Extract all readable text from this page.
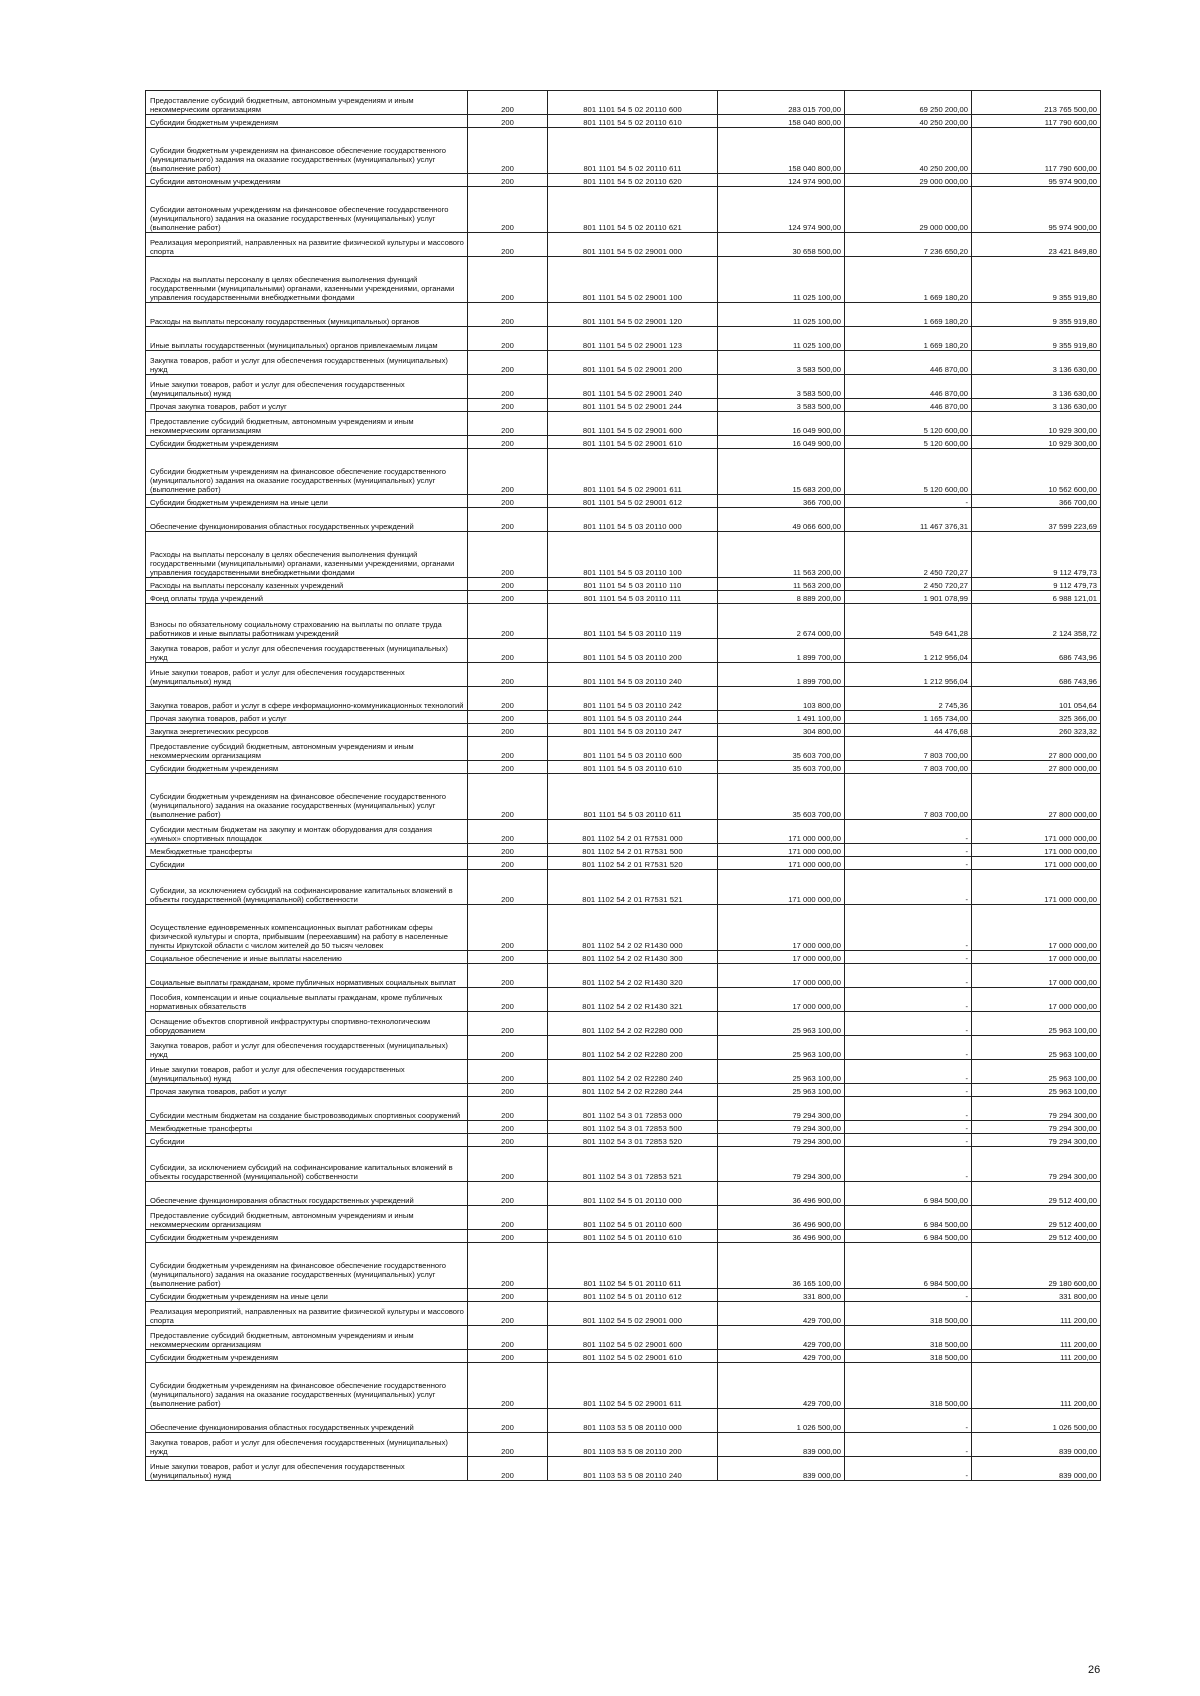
Предоставление субсидий бюджетным, автономным учреждениям и иным некоммерческим организациям	200	801 1101 54 5 02 20110 600	283 015 700,00	69 250 200,00	213 765 500,00
Субсидии бюджетным учреждениям	200	801 1101 54 5 02 20110 610	158 040 800,00	40 250 200,00	117 790 600,00
Субсидии бюджетным учреждениям на финансовое обеспечение государственного (муниципального) задания на оказание государственных (муниципальных) услуг (выполнение работ)	200	801 1101 54 5 02 20110 611	158 040 800,00	40 250 200,00	117 790 600,00
Субсидии автономным учреждениям	200	801 1101 54 5 02 20110 620	124 974 900,00	29 000 000,00	95 974 900,00
Субсидии автономным учреждениям на финансовое обеспечение государственного (муниципального) задания на оказание государственных (муниципальных) услуг (выполнение работ)	200	801 1101 54 5 02 20110 621	124 974 900,00	29 000 000,00	95 974 900,00
Реализация мероприятий, направленных на развитие физической культуры и массового спорта	200	801 1101 54 5 02 29001 000	30 658 500,00	7 236 650,20	23 421 849,80
Расходы на выплаты персоналу в целях обеспечения выполнения функций государственными (муниципальными) органами, казенными учреждениями, органами управления государственными внебюджетными фондами	200	801 1101 54 5 02 29001 100	11 025 100,00	1 669 180,20	9 355 919,80
Расходы на выплаты персоналу государственных (муниципальных) органов	200	801 1101 54 5 02 29001 120	11 025 100,00	1 669 180,20	9 355 919,80
Иные выплаты государственных (муниципальных) органов привлекаемым лицам	200	801 1101 54 5 02 29001 123	11 025 100,00	1 669 180,20	9 355 919,80
Закупка товаров, работ и услуг для обеспечения государственных (муниципальных) нужд	200	801 1101 54 5 02 29001 200	3 583 500,00	446 870,00	3 136 630,00
Иные закупки товаров, работ и услуг для обеспечения государственных (муниципальных) нужд	200	801 1101 54 5 02 29001 240	3 583 500,00	446 870,00	3 136 630,00
Прочая закупка товаров, работ и услуг	200	801 1101 54 5 02 29001 244	3 583 500,00	446 870,00	3 136 630,00
Предоставление субсидий бюджетным, автономным учреждениям и иным некоммерческим организациям	200	801 1101 54 5 02 29001 600	16 049 900,00	5 120 600,00	10 929 300,00
Субсидии бюджетным учреждениям	200	801 1101 54 5 02 29001 610	16 049 900,00	5 120 600,00	10 929 300,00
Субсидии бюджетным учреждениям на финансовое обеспечение государственного (муниципального) задания на оказание государственных (муниципальных) услуг (выполнение работ)	200	801 1101 54 5 02 29001 611	15 683 200,00	5 120 600,00	10 562 600,00
Субсидии бюджетным учреждениям на иные цели	200	801 1101 54 5 02 29001 612	366 700,00	-	366 700,00
Обеспечение функционирования областных государственных учреждений	200	801 1101 54 5 03 20110 000	49 066 600,00	11 467 376,31	37 599 223,69
Расходы на выплаты персоналу в целях обеспечения выполнения функций государственными (муниципальными) органами, казенными учреждениями, органами управления государственными внебюджетными фондами	200	801 1101 54 5 03 20110 100	11 563 200,00	2 450 720,27	9 112 479,73
Расходы на выплаты персоналу казенных учреждений	200	801 1101 54 5 03 20110 110	11 563 200,00	2 450 720,27	9 112 479,73
Фонд оплаты труда учреждений	200	801 1101 54 5 03 20110 111	8 889 200,00	1 901 078,99	6 988 121,01
Взносы по обязательному социальному страхованию на выплаты по оплате труда работников и иные выплаты работникам учреждений	200	801 1101 54 5 03 20110 119	2 674 000,00	549 641,28	2 124 358,72
Закупка товаров, работ и услуг для обеспечения государственных (муниципальных) нужд	200	801 1101 54 5 03 20110 200	1 899 700,00	1 212 956,04	686 743,96
Иные закупки товаров, работ и услуг для обеспечения государственных (муниципальных) нужд	200	801 1101 54 5 03 20110 240	1 899 700,00	1 212 956,04	686 743,96
Закупка товаров, работ и услуг в сфере информационно-коммуникационных технологий	200	801 1101 54 5 03 20110 242	103 800,00	2 745,36	101 054,64
Прочая закупка товаров, работ и услуг	200	801 1101 54 5 03 20110 244	1 491 100,00	1 165 734,00	325 366,00
Закупка энергетических ресурсов	200	801 1101 54 5 03 20110 247	304 800,00	44 476,68	260 323,32
Предоставление субсидий бюджетным, автономным учреждениям и иным некоммерческим организациям	200	801 1101 54 5 03 20110 600	35 603 700,00	7 803 700,00	27 800 000,00
Субсидии бюджетным учреждениям	200	801 1101 54 5 03 20110 610	35 603 700,00	7 803 700,00	27 800 000,00
Субсидии бюджетным учреждениям на финансовое обеспечение государственного (муниципального) задания на оказание государственных (муниципальных) услуг (выполнение работ)	200	801 1101 54 5 03 20110 611	35 603 700,00	7 803 700,00	27 800 000,00
Субсидии местным бюджетам на закупку и монтаж оборудования для создания «умных» спортивных площадок	200	801 1102 54 2 01 R7531 000	171 000 000,00	-	171 000 000,00
Межбюджетные трансферты	200	801 1102 54 2 01 R7531 500	171 000 000,00	-	171 000 000,00
Субсидии	200	801 1102 54 2 01 R7531 520	171 000 000,00	-	171 000 000,00
Субсидии, за исключением субсидий на софинансирование капитальных вложений в объекты государственной (муниципальной) собственности	200	801 1102 54 2 01 R7531 521	171 000 000,00	-	171 000 000,00
Осуществление единовременных компенсационных выплат работникам сферы физической культуры и спорта, прибывшим (переехавшим) на работу в населенные пункты Иркутской области с числом жителей до 50 тысяч человек	200	801 1102 54 2 02 R1430 000	17 000 000,00	-	17 000 000,00
Социальное обеспечение и иные выплаты населению	200	801 1102 54 2 02 R1430 300	17 000 000,00	-	17 000 000,00
Социальные выплаты гражданам, кроме публичных нормативных социальных выплат	200	801 1102 54 2 02 R1430 320	17 000 000,00	-	17 000 000,00
Пособия, компенсации и иные социальные выплаты гражданам, кроме публичных нормативных обязательств	200	801 1102 54 2 02 R1430 321	17 000 000,00	-	17 000 000,00
Оснащение объектов спортивной инфраструктуры спортивно-технологическим оборудованием	200	801 1102 54 2 02 R2280 000	25 963 100,00	-	25 963 100,00
Закупка товаров, работ и услуг для обеспечения государственных (муниципальных) нужд	200	801 1102 54 2 02 R2280 200	25 963 100,00	-	25 963 100,00
Иные закупки товаров, работ и услуг для обеспечения государственных (муниципальных) нужд	200	801 1102 54 2 02 R2280 240	25 963 100,00	-	25 963 100,00
Прочая закупка товаров, работ и услуг	200	801 1102 54 2 02 R2280 244	25 963 100,00	-	25 963 100,00
Субсидии местным бюджетам на создание быстровозводимых спортивных сооружений	200	801 1102 54 3 01 72853 000	79 294 300,00	-	79 294 300,00
Межбюджетные трансферты	200	801 1102 54 3 01 72853 500	79 294 300,00	-	79 294 300,00
Субсидии	200	801 1102 54 3 01 72853 520	79 294 300,00	-	79 294 300,00
Субсидии, за исключением субсидий на софинансирование капитальных вложений в объекты государственной (муниципальной) собственности	200	801 1102 54 3 01 72853 521	79 294 300,00	-	79 294 300,00
Обеспечение функционирования областных государственных учреждений	200	801 1102 54 5 01 20110 000	36 496 900,00	6 984 500,00	29 512 400,00
Предоставление субсидий бюджетным, автономным учреждениям и иным некоммерческим организациям	200	801 1102 54 5 01 20110 600	36 496 900,00	6 984 500,00	29 512 400,00
Субсидии бюджетным учреждениям	200	801 1102 54 5 01 20110 610	36 496 900,00	6 984 500,00	29 512 400,00
Субсидии бюджетным учреждениям на финансовое обеспечение государственного (муниципального) задания на оказание государственных (муниципальных) услуг (выполнение работ)	200	801 1102 54 5 01 20110 611	36 165 100,00	6 984 500,00	29 180 600,00
Субсидии бюджетным учреждениям на иные цели	200	801 1102 54 5 01 20110 612	331 800,00	-	331 800,00
Реализация мероприятий, направленных на развитие физической культуры и массового спорта	200	801 1102 54 5 02 29001 000	429 700,00	318 500,00	111 200,00
Предоставление субсидий бюджетным, автономным учреждениям и иным некоммерческим организациям	200	801 1102 54 5 02 29001 600	429 700,00	318 500,00	111 200,00
Субсидии бюджетным учреждениям	200	801 1102 54 5 02 29001 610	429 700,00	318 500,00	111 200,00
Субсидии бюджетным учреждениям на финансовое обеспечение государственного (муниципального) задания на оказание государственных (муниципальных) услуг (выполнение работ)	200	801 1102 54 5 02 29001 611	429 700,00	318 500,00	111 200,00
Обеспечение функционирования областных государственных учреждений	200	801 1103 53 5 08 20110 000	1 026 500,00	-	1 026 500,00
Закупка товаров, работ и услуг для обеспечения государственных (муниципальных) нужд	200	801 1103 53 5 08 20110 200	839 000,00	-	839 000,00
Иные закупки товаров, работ и услуг для обеспечения государственных (муниципальных) нужд	200	801 1103 53 5 08 20110 240	839 000,00	-	839 000,00
26
